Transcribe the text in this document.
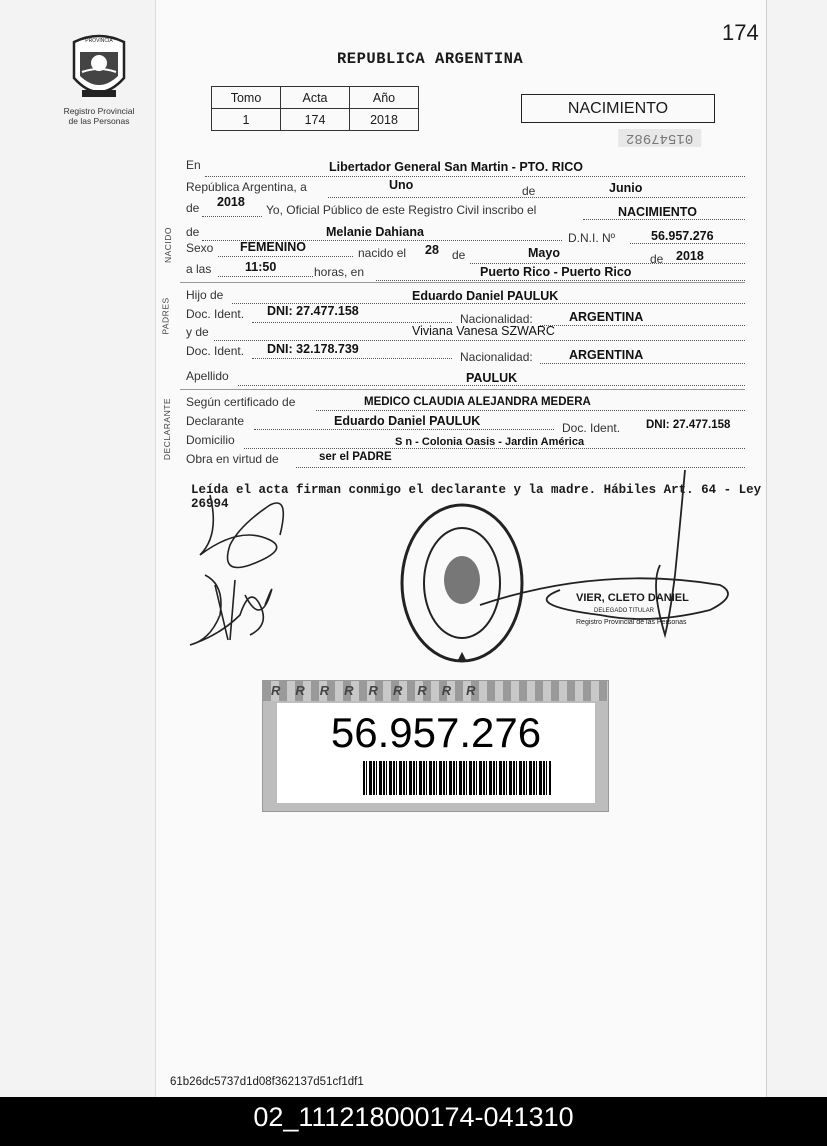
PROVINCIA
Registro Provincial
de las Personas
174
REPUBLICA ARGENTINA
Tomo	Acta	Año
1	174	2018
NACIMIENTO
01547982
NACIDO
PADRES
DECLARANTE
En	Libertador General San Martin - PTO. RICO
República Argentina, a	Uno	de	Junio
de 2018
Yo, Oficial Público de este Registro Civil inscribo el	NACIMIENTO
de	Melanie Dahiana	D.N.I. Nº	56.957.276
Sexo FEMENINO	nacido el 28 de	Mayo	de 2018
a las	11:50	horas, en	Puerto Rico - Puerto Rico
Hijo de	Eduardo Daniel PAULUK
Doc. Ident. DNI: 27.477.158
Nacionalidad:	ARGENTINA
y de	Viviana Vanesa SZWARC
Doc. Ident. DNI: 32.178.739
Nacionalidad:	ARGENTINA
Apellido	PAULUK
Según certificado de	MEDICO CLAUDIA ALEJANDRA MEDERA
Declarante	Eduardo Daniel PAULUK	Doc. Ident. DNI: 27.477.158
Domicilio	S n - Colonia Oasis - Jardin América
Obra en virtud de	ser el PADRE
Leída el acta firman conmigo el declarante y la madre. Hábiles Art. 64 - Ley
26994
VIER, CLETO DANIEL
DELEGADO TITULAR
Registro Provincial de las Personas
RRRRRRRRR
56.957.276
61b26dc5737d1d08f362137d51cf1df1
02_111218000174-041310
